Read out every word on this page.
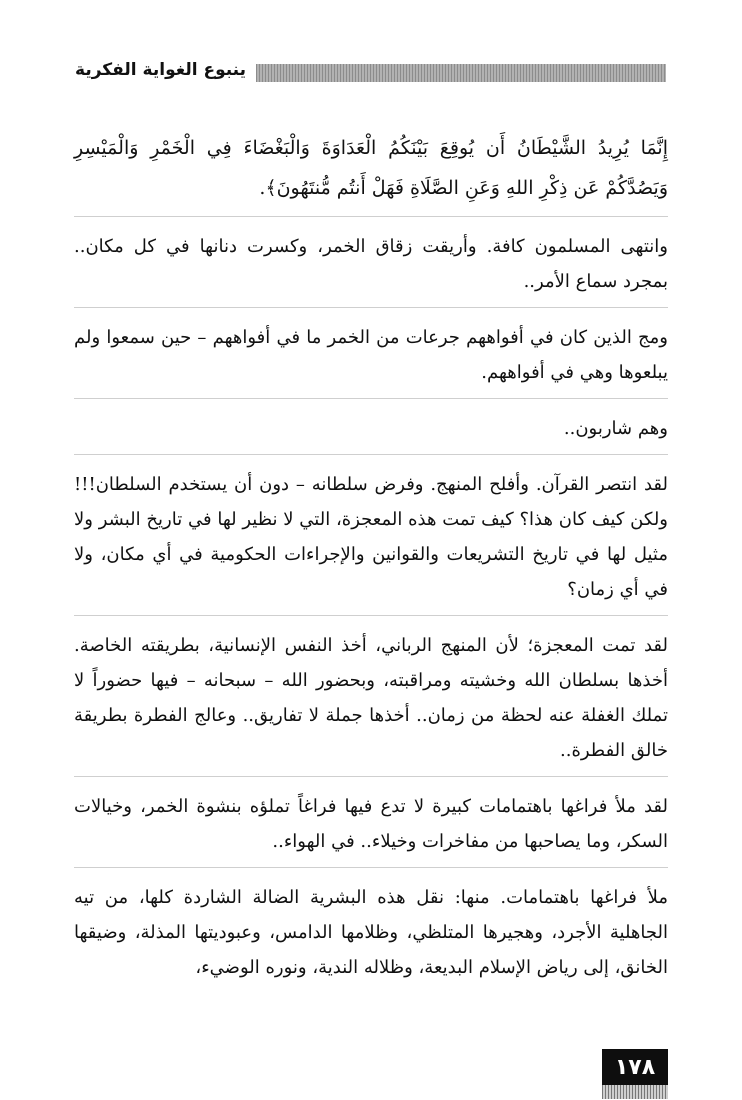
ينبوع الغواية الفكرية

إِنَّمَا يُرِيدُ الشَّيْطَانُ أَن يُوقِعَ بَيْنَكُمُ الْعَدَاوَةَ وَالْبَغْضَاءَ فِي الْخَمْرِ وَالْمَيْسِرِ وَيَصُدَّكُمْ عَن ذِكْرِ اللهِ وَعَنِ الصَّلَاةِ فَهَلْ أَنتُم مُّنتَهُونَ﴾.

وانتهى المسلمون كافة. وأريقت زقاق الخمر، وكسرت دنانها في كل مكان.. بمجرد سماع الأمر..

ومج الذين كان في أفواههم جرعات من الخمر ما في أفواههم – حين سمعوا ولم يبلعوها وهي في أفواههم.

وهم شاربون..

لقد انتصر القرآن. وأفلح المنهج. وفرض سلطانه – دون أن يستخدم السلطان!!! ولكن كيف كان هذا؟ كيف تمت هذه المعجزة، التي لا نظير لها في تاريخ البشر ولا مثيل لها في تاريخ التشريعات والقوانين والإجراءات الحكومية في أي مكان، ولا في أي زمان؟

لقد تمت المعجزة؛ لأن المنهج الرباني، أخذ النفس الإنسانية، بطريقته الخاصة. أخذها بسلطان الله وخشيته ومراقبته، وبحضور الله – سبحانه – فيها حضوراً لا تملك الغفلة عنه لحظة من زمان.. أخذها جملة لا تفاريق.. وعالج الفطرة بطريقة خالق الفطرة..

لقد ملأ فراغها باهتمامات كبيرة لا تدع فيها فراغاً تملؤه بنشوة الخمر، وخيالات السكر، وما يصاحبها من مفاخرات وخيلاء.. في الهواء..

ملأ فراغها باهتمامات. منها: نقل هذه البشرية الضالة الشاردة كلها، من تيه الجاهلية الأجرد، وهجيرها المتلظي، وظلامها الدامس، وعبوديتها المذلة، وضيقها الخانق، إلى رياض الإسلام البديعة، وظلاله الندية، ونوره الوضيء،

١٧٨
